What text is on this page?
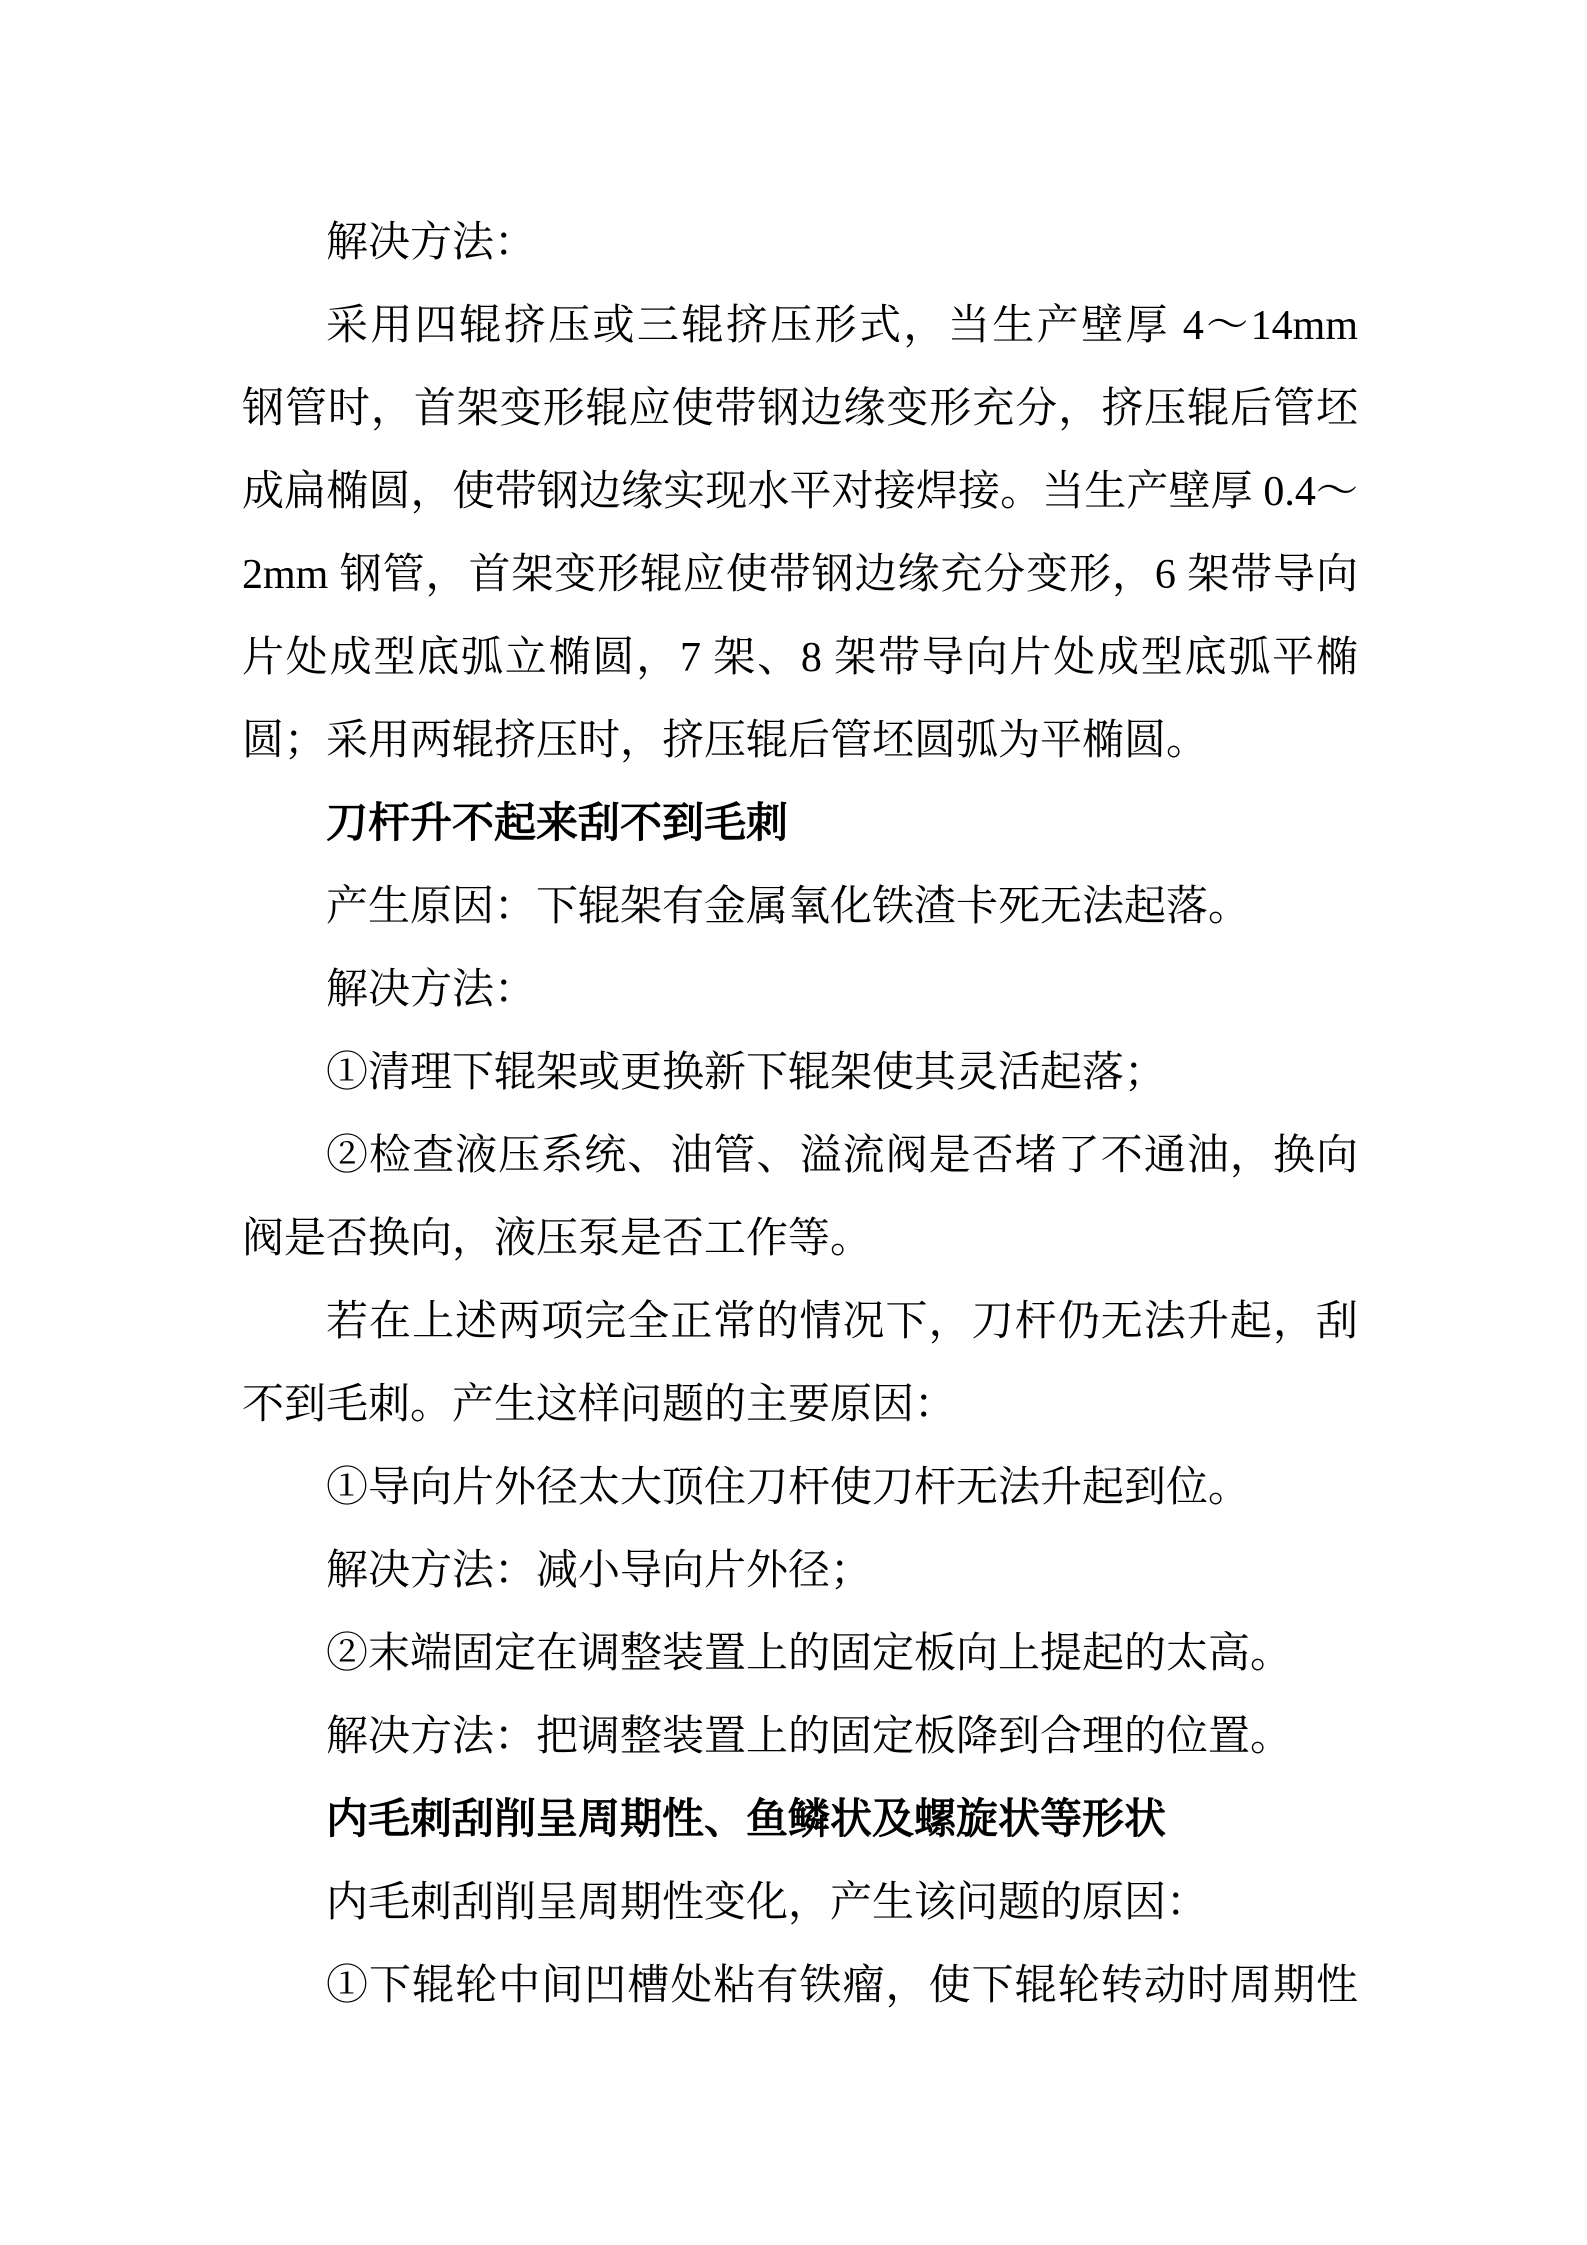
解决方法：
采用四辊挤压或三辊挤压形式，当生产壁厚 4～14mm
钢管时，首架变形辊应使带钢边缘变形充分，挤压辊后管坯
成扁椭圆，使带钢边缘实现水平对接焊接。当生产壁厚 0.4～
2mm 钢管，首架变形辊应使带钢边缘充分变形，6 架带导向
片处成型底弧立椭圆，7 架、8 架带导向片处成型底弧平椭
圆；采用两辊挤压时，挤压辊后管坯圆弧为平椭圆。
刀杆升不起来刮不到毛刺
产生原因：下辊架有金属氧化铁渣卡死无法起落。
解决方法：
①清理下辊架或更换新下辊架使其灵活起落；
②检查液压系统、油管、溢流阀是否堵了不通油，换向
阀是否换向，液压泵是否工作等。
若在上述两项完全正常的情况下，刀杆仍无法升起，刮
不到毛刺。产生这样问题的主要原因：
①导向片外径太大顶住刀杆使刀杆无法升起到位。
解决方法：减小导向片外径；
②末端固定在调整装置上的固定板向上提起的太高。
解决方法：把调整装置上的固定板降到合理的位置。
内毛刺刮削呈周期性、鱼鳞状及螺旋状等形状
内毛刺刮削呈周期性变化，产生该问题的原因：
①下辊轮中间凹槽处粘有铁瘤，使下辊轮转动时周期性
